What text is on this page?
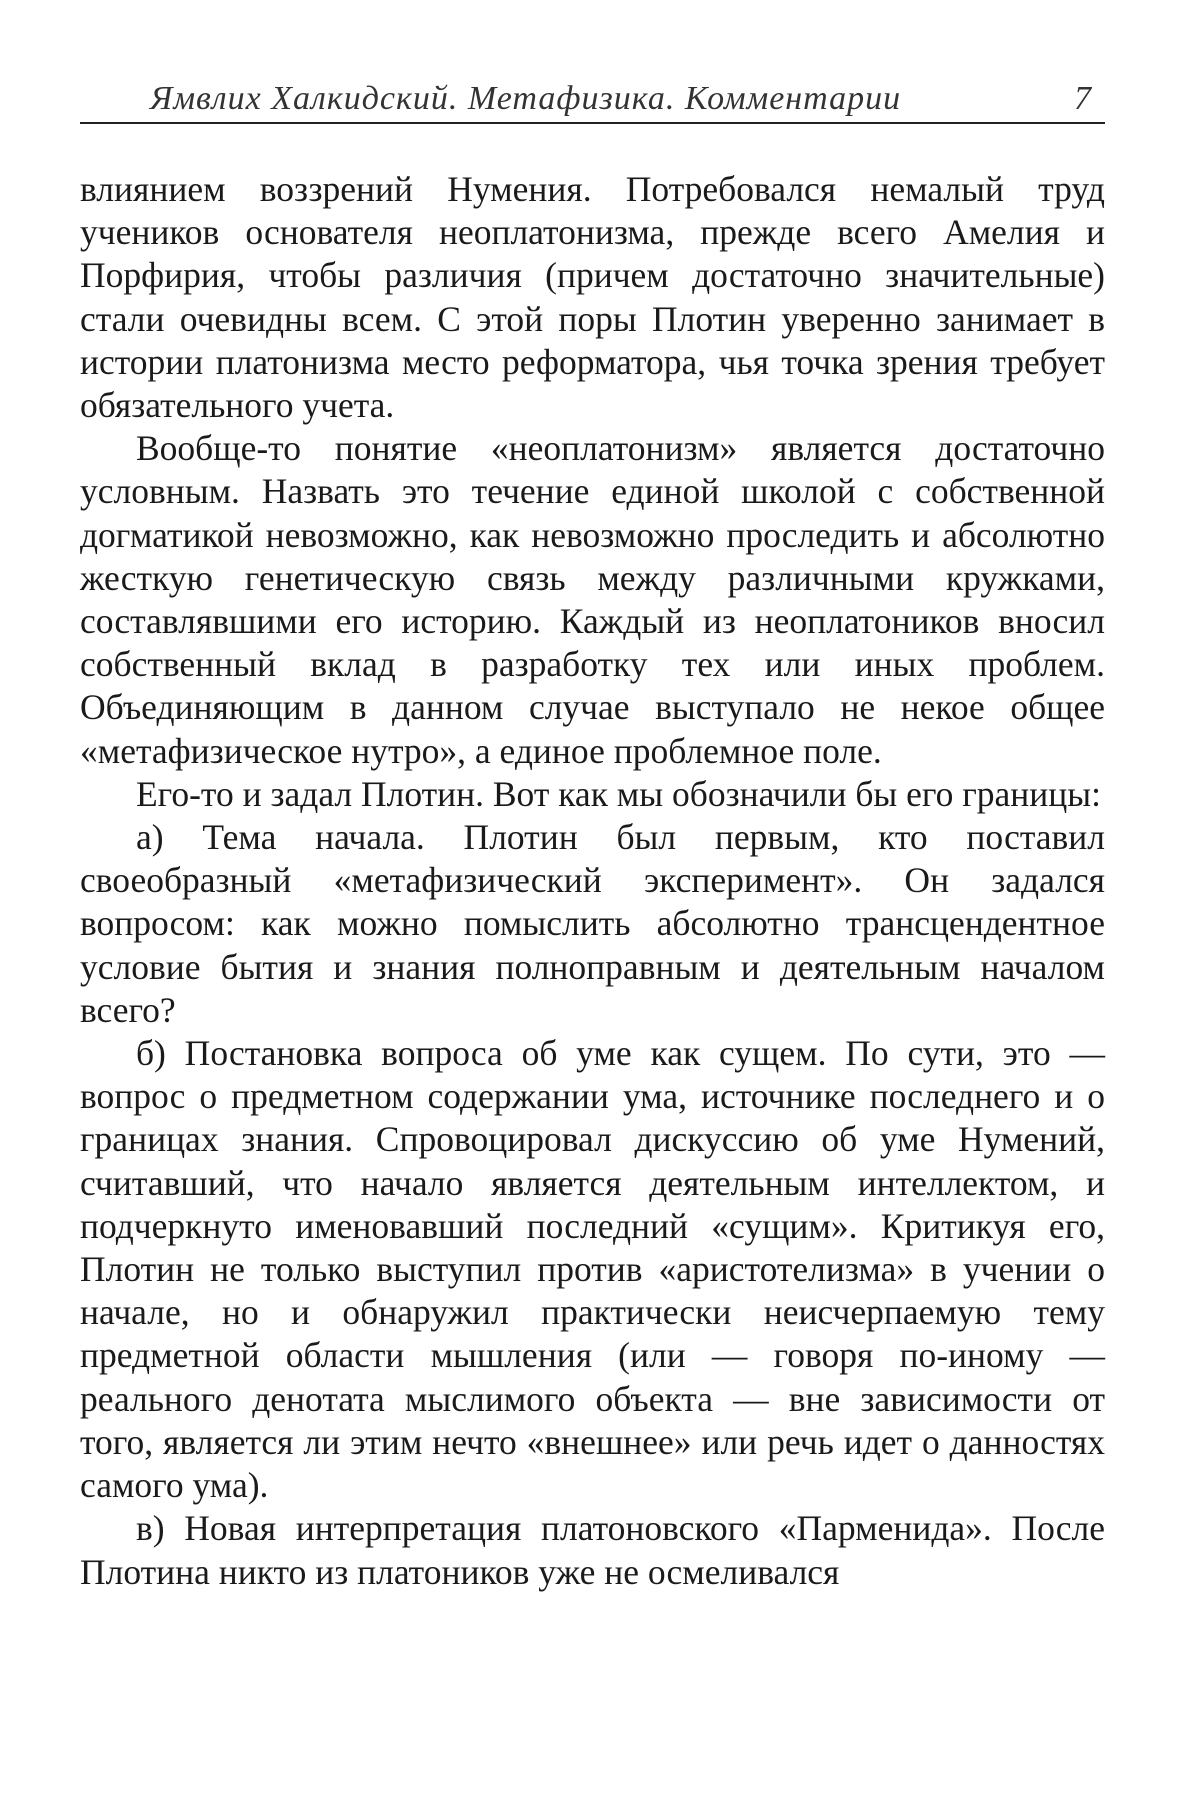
Ямвлих Халкидский. Метафизика. Комментарии	7

влиянием воззрений Нумения. Потребовался немалый труд учеников основателя неоплатонизма, прежде всего Амелия и Порфирия, чтобы различия (причем достаточно значительные) стали очевидны всем. С этой поры Плотин уверенно занимает в истории платонизма место реформатора, чья точка зрения требует обязательного учета.

Вообще-то понятие «неоплатонизм» является достаточно условным. Назвать это течение единой школой с собственной догматикой невозможно, как невозможно проследить и абсолютно жесткую генетическую связь между различными кружками, составлявшими его историю. Каждый из неоплатоников вносил собственный вклад в разработку тех или иных проблем. Объединяющим в данном случае выступало не некое общее «метафизическое нутро», а единое проблемное поле.

Его-то и задал Плотин. Вот как мы обозначили бы его границы:

а) Тема начала. Плотин был первым, кто поставил своеобразный «метафизический эксперимент». Он задался вопросом: как можно помыслить абсолютно трансцендентное условие бытия и знания полноправным и деятельным началом всего?

б) Постановка вопроса об уме как сущем. По сути, это — вопрос о предметном содержании ума, источнике последнего и о границах знания. Спровоцировал дискуссию об уме Нумений, считавший, что начало является деятельным интеллектом, и подчеркнуто именовавший последний «сущим». Критикуя его, Плотин не только выступил против «аристотелизма» в учении о начале, но и обнаружил практически неисчерпаемую тему предметной области мышления (или — говоря по-иному — реального денотата мыслимого объекта — вне зависимости от того, является ли этим нечто «внешнее» или речь идет о данностях самого ума).

в) Новая интерпретация платоновского «Парменида». После Плотина никто из платоников уже не осмеливался
